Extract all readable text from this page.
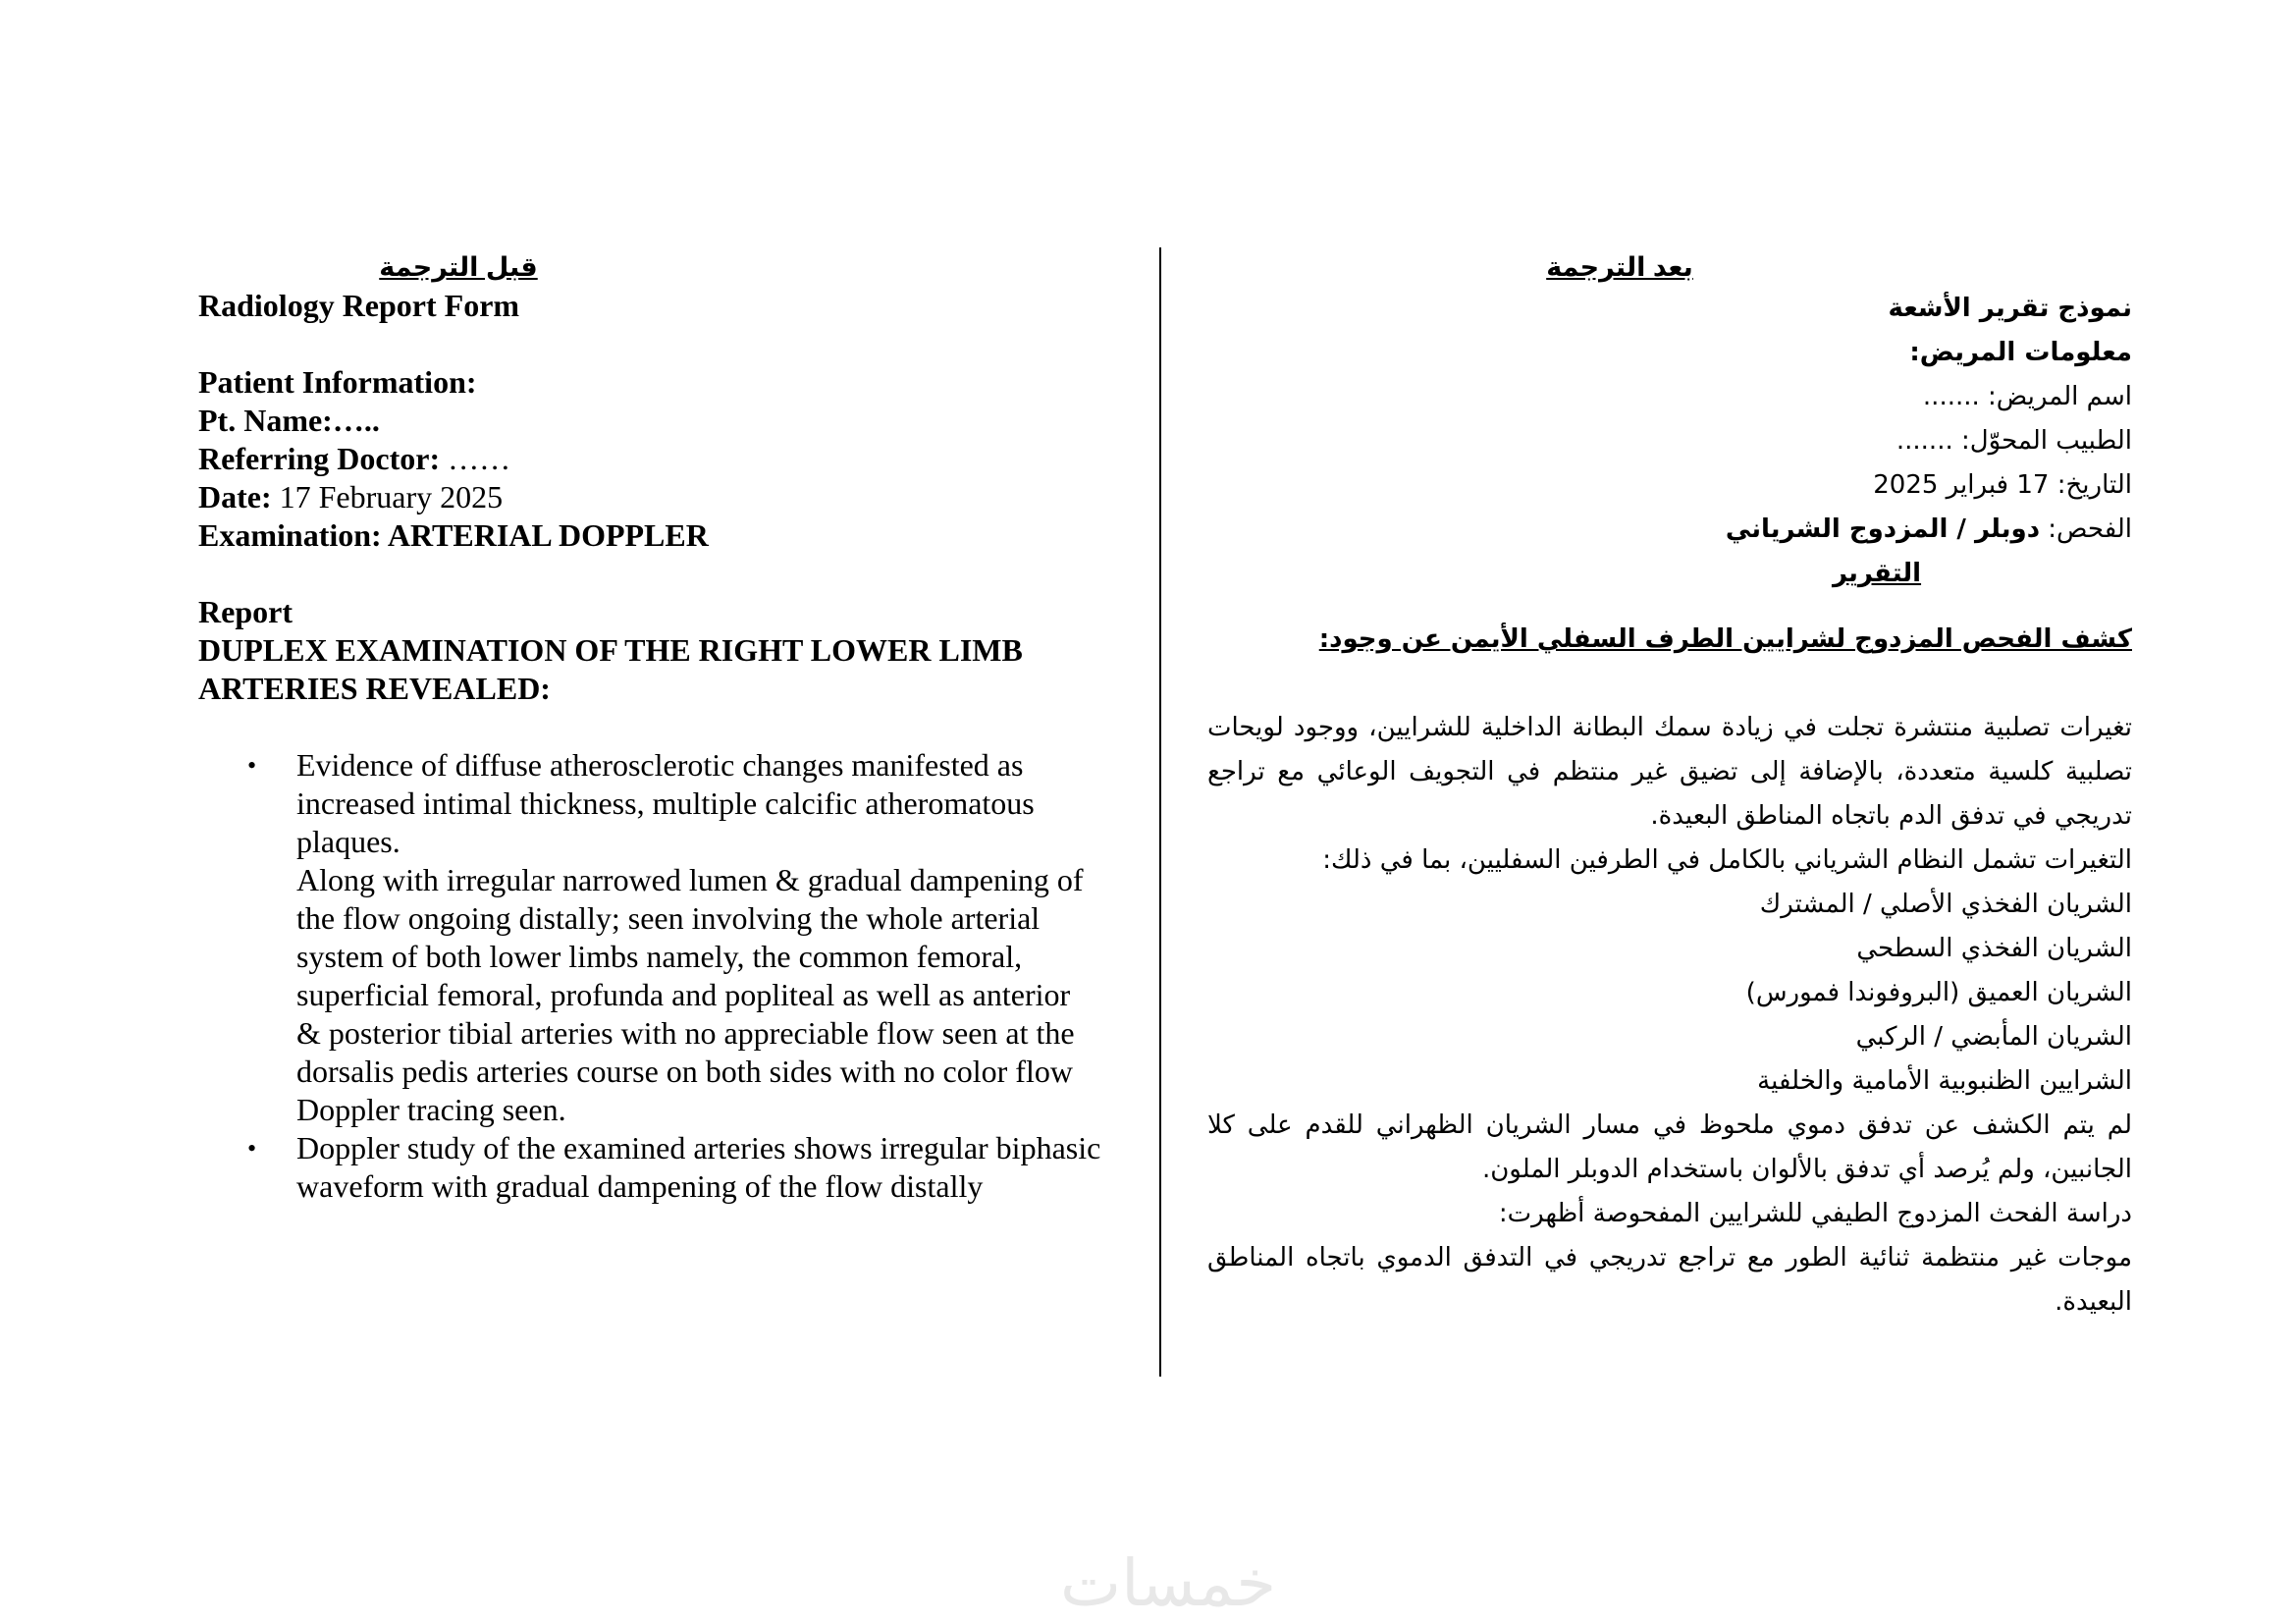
قبل الترجمة
Radiology Report Form
Patient Information:
Pt. Name:…..
Referring Doctor: ……
Date: 17 February 2025
Examination: ARTERIAL DOPPLER
Report
DUPLEX EXAMINATION OF THE RIGHT LOWER LIMB
ARTERIES REVEALED:
• Evidence of diffuse atherosclerotic changes manifested as increased intimal thickness, multiple calcific atheromatous plaques.
Along with irregular narrowed lumen & gradual dampening of the flow ongoing distally; seen involving the whole arterial system of both lower limbs namely, the common femoral, superficial femoral, profunda and popliteal as well as anterior & posterior tibial arteries with no appreciable flow seen at the dorsalis pedis arteries course on both sides with no color flow Doppler tracing seen.
• Doppler study of the examined arteries shows irregular biphasic waveform with gradual dampening of the flow distally
بعد الترجمة
نموذج تقرير الأشعة
معلومات المريض:
اسم المريض: .......
الطبيب المحوّل: .......
التاريخ: 17 فبراير 2025
الفحص: دوبلر / المزدوج الشرياني
التقرير
كشف الفحص المزدوج لشرايين الطرف السفلي الأيمن عن وجود:
تغيرات تصلبية منتشرة تجلت في زيادة سمك البطانة الداخلية للشرايين، ووجود لويحات تصلبية كلسية متعددة، بالإضافة إلى تضيق غير منتظم في التجويف الوعائي مع تراجع تدريجي في تدفق الدم باتجاه المناطق البعيدة.
التغيرات تشمل النظام الشرياني بالكامل في الطرفين السفليين، بما في ذلك:
الشريان الفخذي الأصلي / المشترك
الشريان الفخذي السطحي
الشريان العميق (البروفوندا فمورس)
الشريان المأبضي / الركبي
الشرايين الظنبوبية الأمامية والخلفية
لم يتم الكشف عن تدفق دموي ملحوظ في مسار الشريان الظهراني للقدم على كلا الجانبين، ولم يُرصد أي تدفق بالألوان باستخدام الدوبلر الملون.
دراسة الفحث المزدوج الطيفي للشرايين المفحوصة أظهرت:
موجات غير منتظمة ثنائية الطور مع تراجع تدريجي في التدفق الدموي باتجاه المناطق البعيدة.
خمسات
